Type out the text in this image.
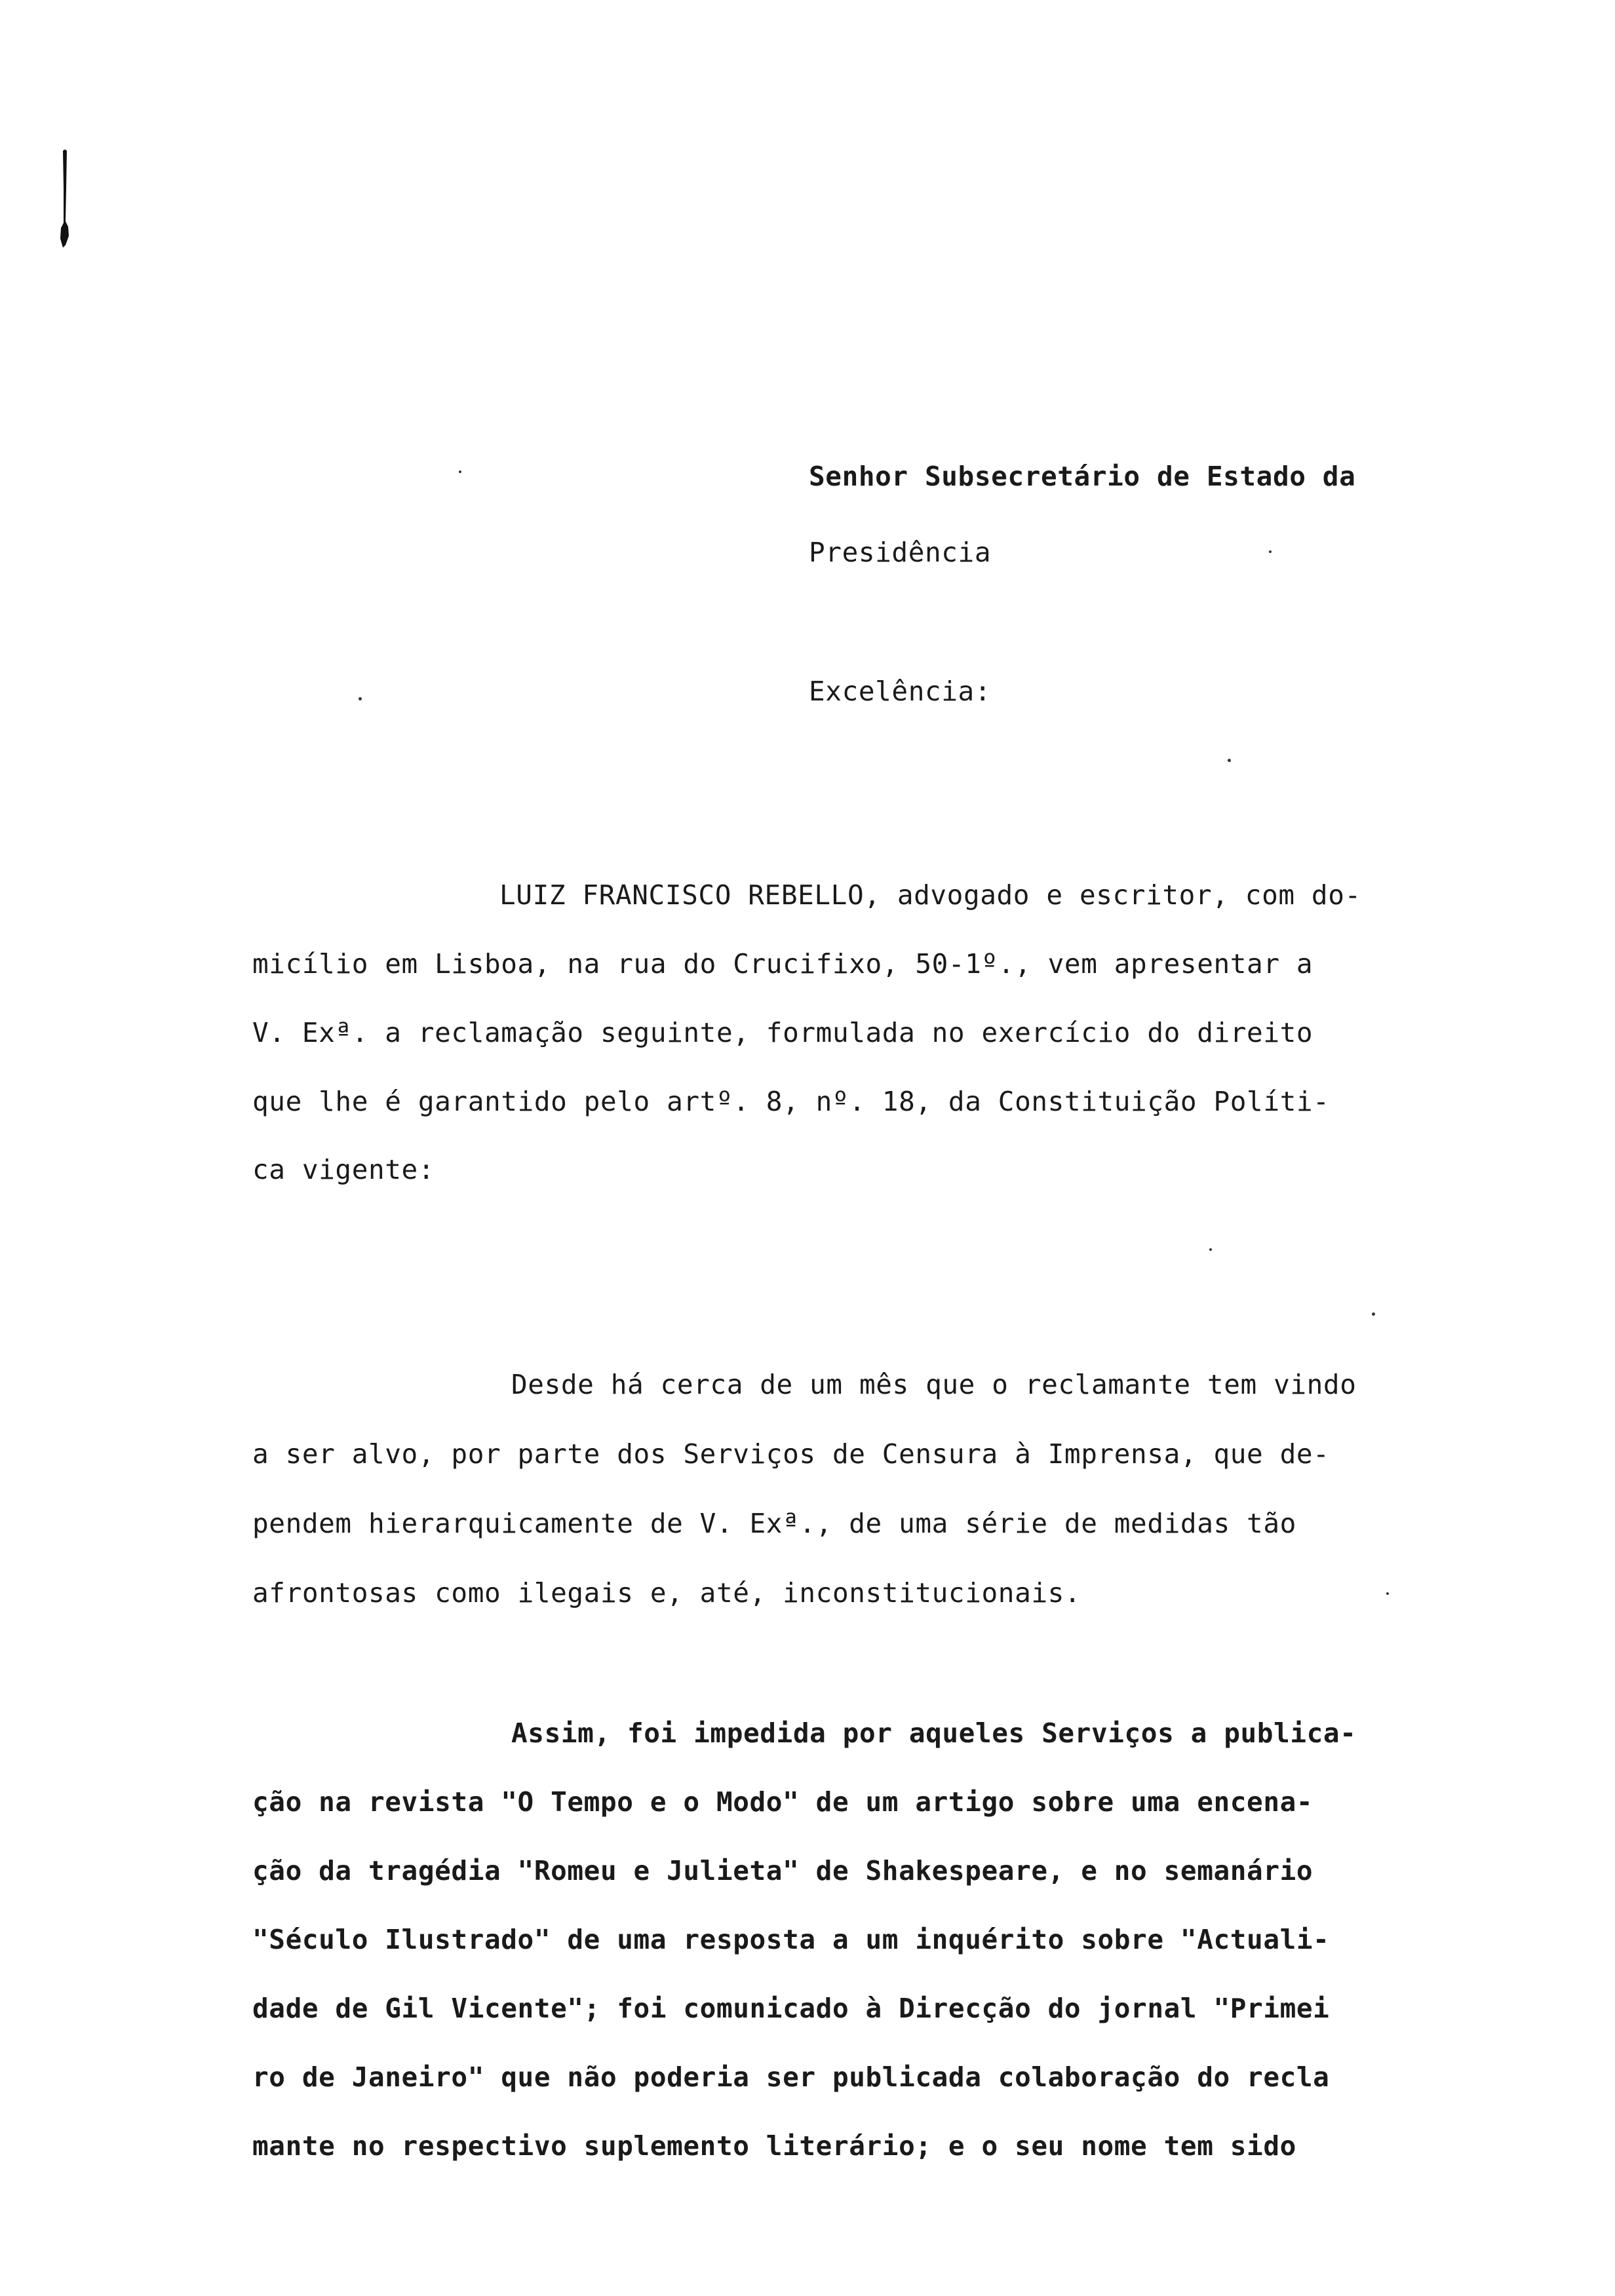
Senhor Subsecretário de Estado da
Presidência
Excelência:
LUIZ FRANCISCO REBELLO, advogado e escritor, com do-
micílio em Lisboa, na rua do Crucifixo, 50-1º., vem apresentar a
V. Exª. a reclamação seguinte, formulada no exercício do direito
que lhe é garantido pelo artº. 8, nº. 18, da Constituição Políti-
ca vigente:
Desde há cerca de um mês que o reclamante tem vindo
a ser alvo, por parte dos Serviços de Censura à Imprensa, que de-
pendem hierarquicamente de V. Exª., de uma série de medidas tão
afrontosas como ilegais e, até, inconstitucionais.
Assim, foi impedida por aqueles Serviços a publica-
ção na revista "O Tempo e o Modo" de um artigo sobre uma encena-
ção da tragédia "Romeu e Julieta" de Shakespeare, e no semanário
"Século Ilustrado" de uma resposta a um inquérito sobre "Actuali-
dade de Gil Vicente"; foi comunicado à Direcção do jornal "Primei
ro de Janeiro" que não poderia ser publicada colaboração do recla
mante no respectivo suplemento literário; e o seu nome tem sido
